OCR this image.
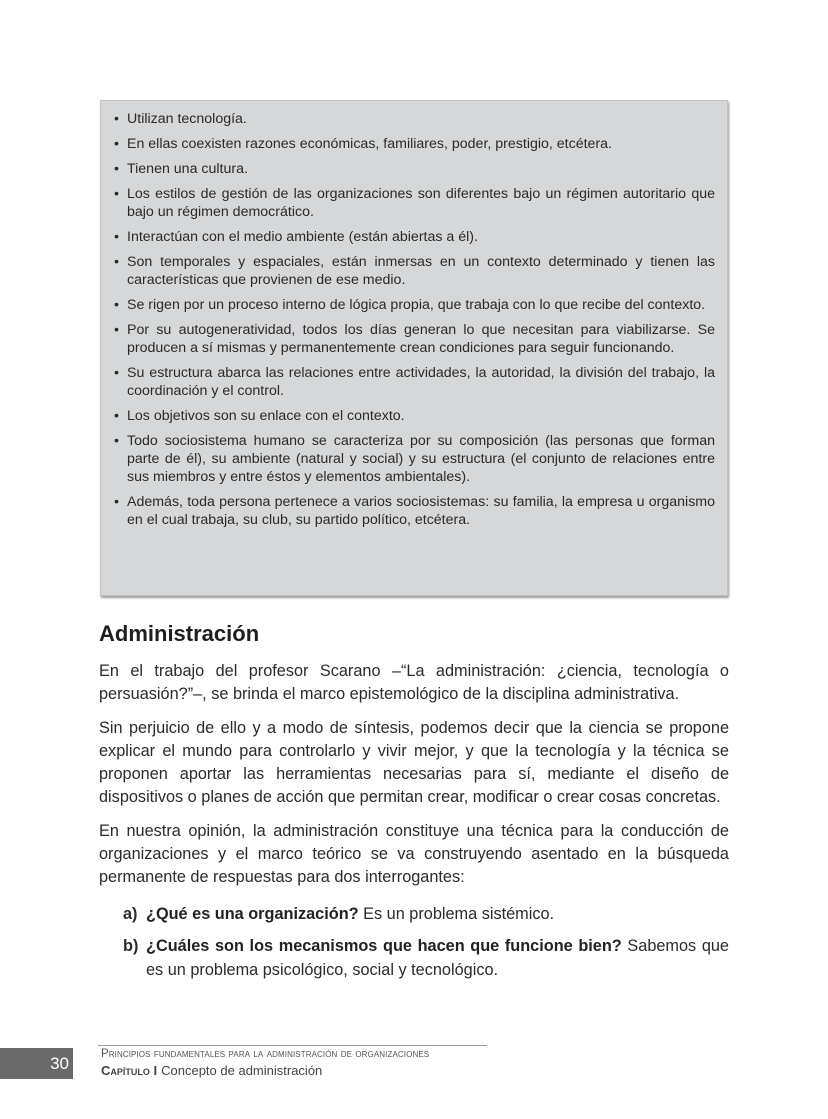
• Utilizan tecnología.
• En ellas coexisten razones económicas, familiares, poder, prestigio, etcétera.
• Tienen una cultura.
• Los estilos de gestión de las organizaciones son diferentes bajo un régimen autoritario que bajo un régimen democrático.
• Interactúan con el medio ambiente (están abiertas a él).
• Son temporales y espaciales, están inmersas en un contexto determinado y tienen las características que provienen de ese medio.
• Se rigen por un proceso interno de lógica propia, que trabaja con lo que recibe del contexto.
• Por su autogeneratividad, todos los días generan lo que necesitan para viabilizarse. Se producen a sí mismas y permanentemente crean condiciones para seguir funcionando.
• Su estructura abarca las relaciones entre actividades, la autoridad, la división del trabajo, la coordinación y el control.
• Los objetivos son su enlace con el contexto.
• Todo sociosistema humano se caracteriza por su composición (las personas que forman parte de él), su ambiente (natural y social) y su estructura (el conjunto de relaciones entre sus miembros y entre éstos y elementos ambientales).
• Además, toda persona pertenece a varios sociosistemas: su familia, la empresa u organismo en el cual trabaja, su club, su partido político, etcétera.
Administración

En el trabajo del profesor Scarano –“La administración: ¿ciencia, tecnología o persuasión?”–, se brinda el marco epistemológico de la disciplina administrativa.

Sin perjuicio de ello y a modo de síntesis, podemos decir que la ciencia se propone explicar el mundo para controlarlo y vivir mejor, y que la tecnología y la técnica se proponen aportar las herramientas necesarias para sí, mediante el diseño de dispositivos o planes de acción que permitan crear, modificar o crear cosas concretas.

En nuestra opinión, la administración constituye una técnica para la conducción de organizaciones y el marco teórico se va construyendo asentado en la búsqueda permanente de respuestas para dos interrogantes:

a) ¿Qué es una organización? Es un problema sistémico.
b) ¿Cuáles son los mecanismos que hacen que funcione bien? Sabemos que es un problema psicológico, social y tecnológico.
30	Principios fundamentales para la administración de organizaciones
Capítulo I Concepto de administración
